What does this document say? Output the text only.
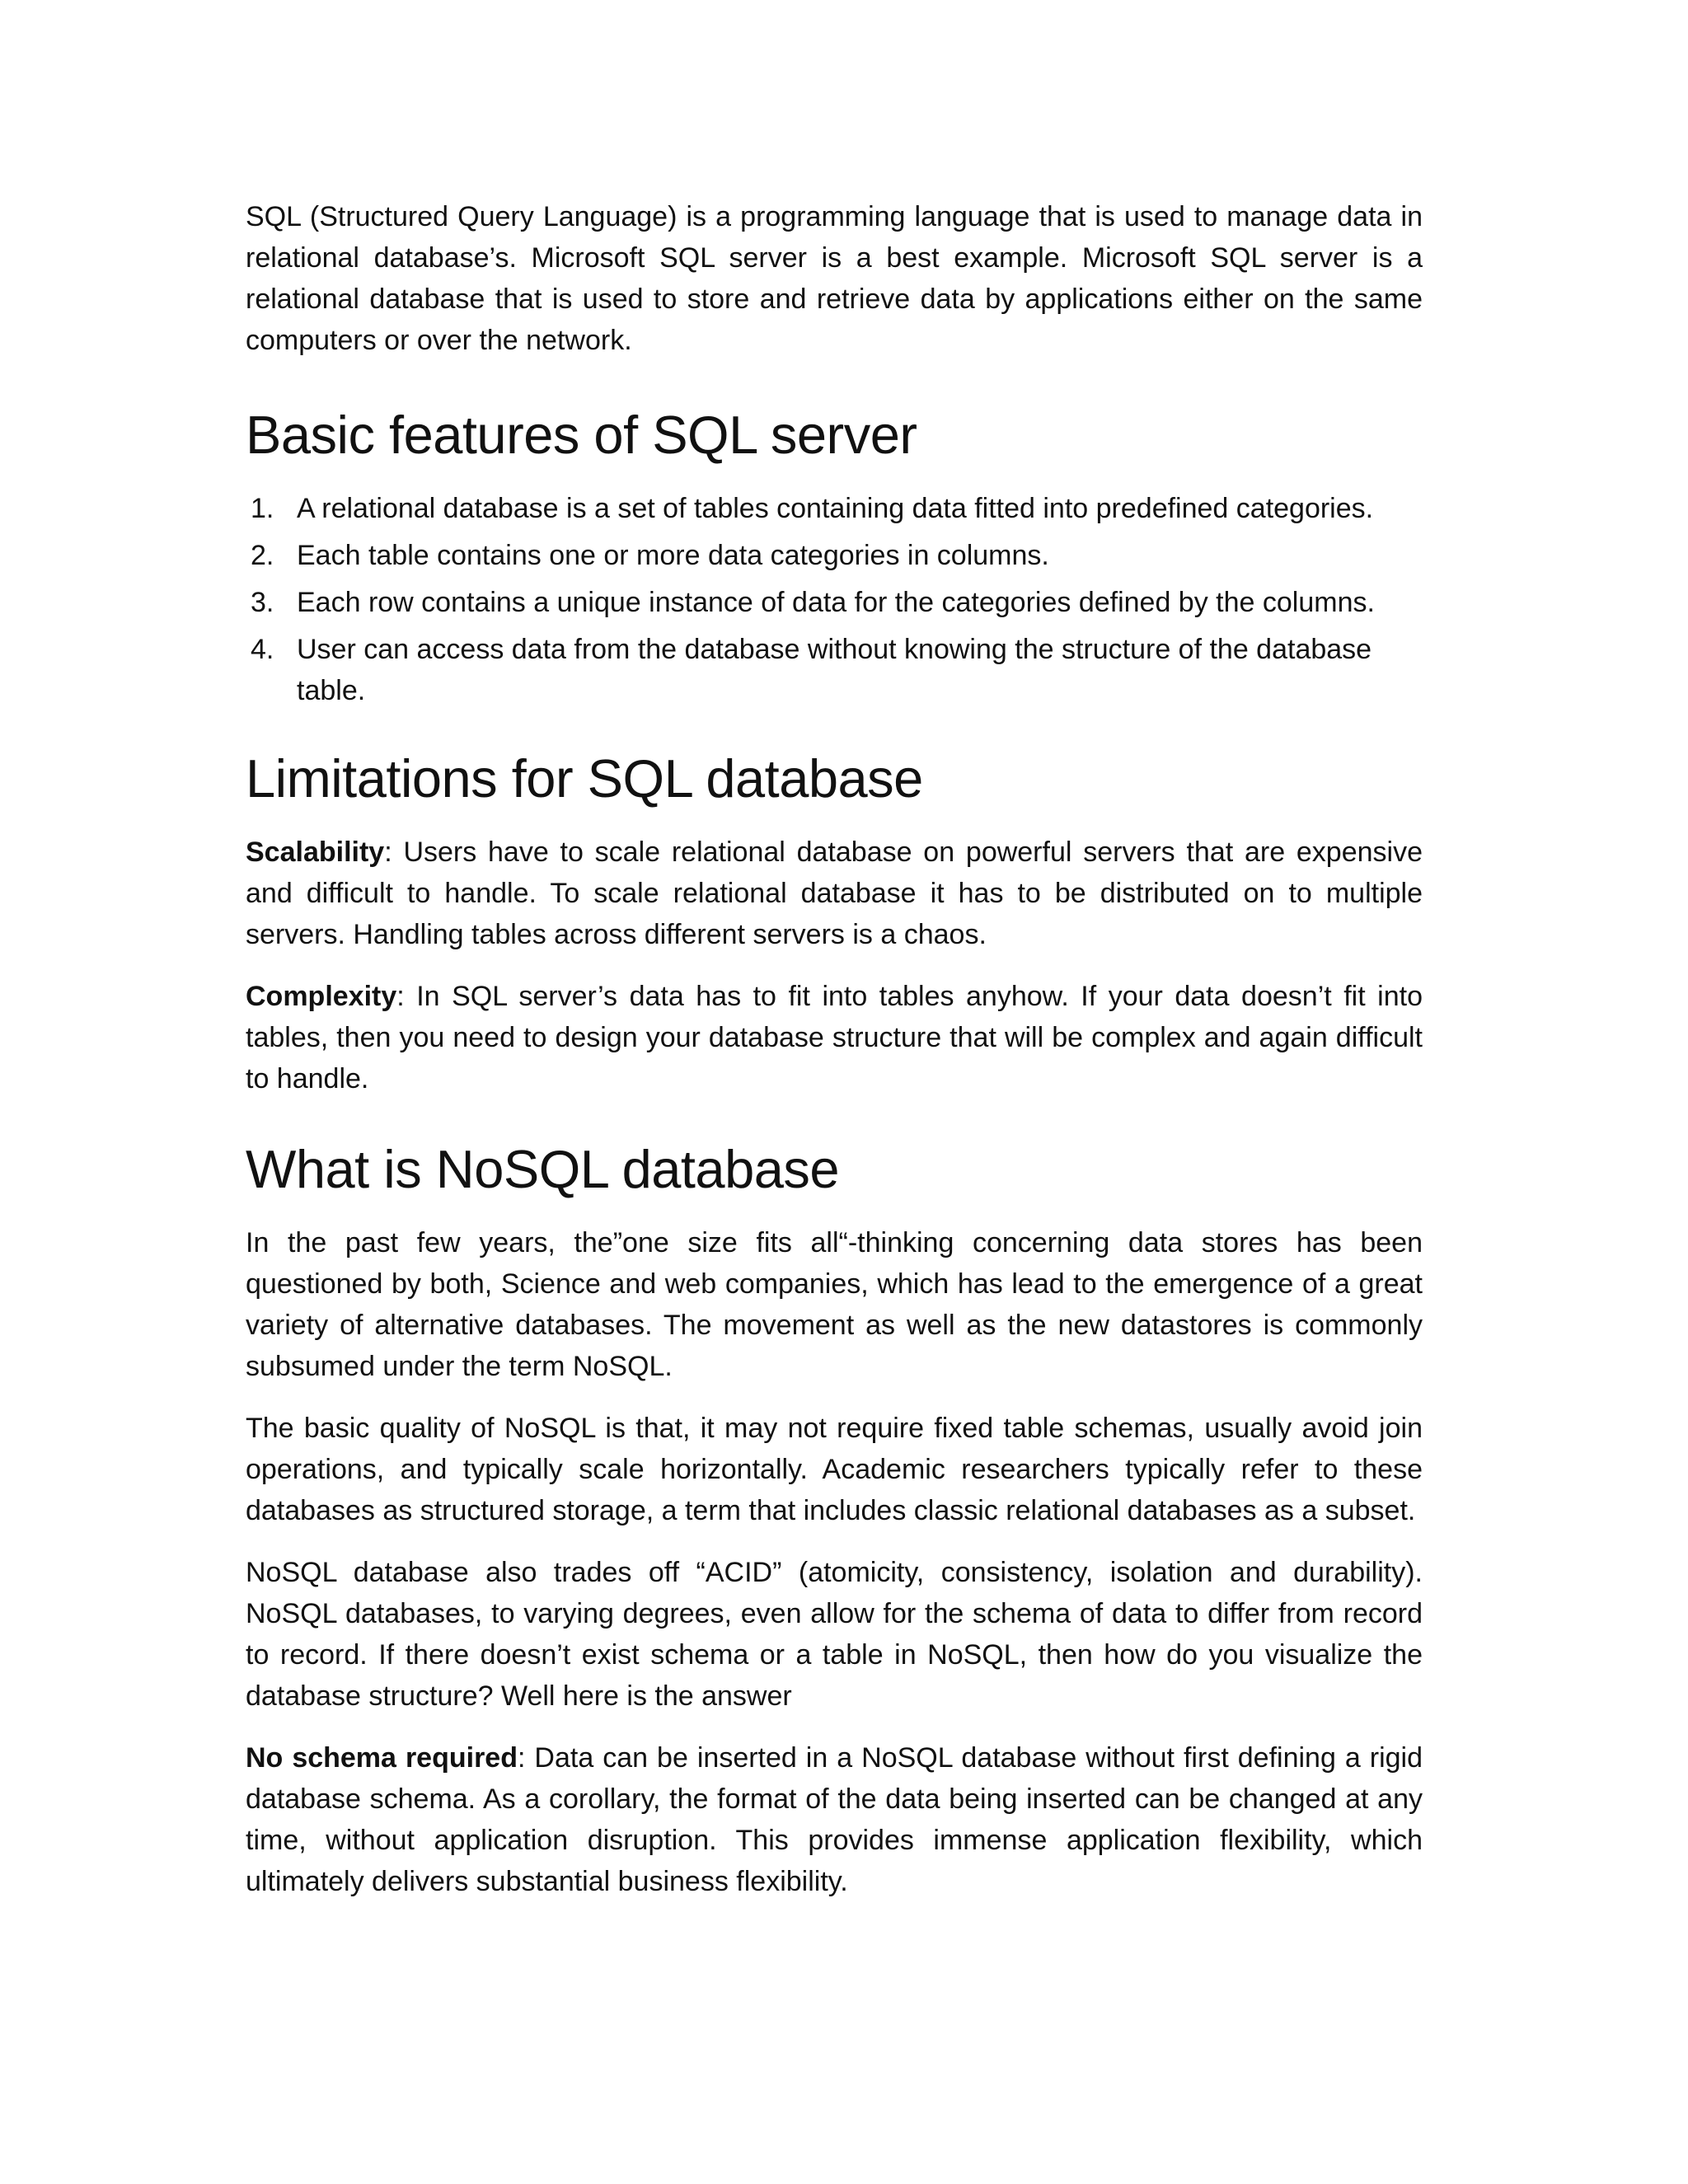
SQL (Structured Query Language) is a programming language that is used to manage data in relational database’s. Microsoft SQL server is a best example. Microsoft SQL server is a relational database that is used to store and retrieve data by applications either on the same computers or over the network.

Basic features of SQL server
1. A relational database is a set of tables containing data fitted into predefined categories.
2. Each table contains one or more data categories in columns.
3. Each row contains a unique instance of data for the categories defined by the columns.
4. User can access data from the database without knowing the structure of the database table.
Limitations for SQL database

Scalability: Users have to scale relational database on powerful servers that are expensive and difficult to handle. To scale relational database it has to be distributed on to multiple servers. Handling tables across different servers is a chaos.

Complexity: In SQL server’s data has to fit into tables anyhow. If your data doesn’t fit into tables, then you need to design your database structure that will be complex and again difficult to handle.

What is NoSQL database

In the past few years, the”one size fits all“-thinking concerning data stores has been questioned by both, Science and web companies, which has lead to the emergence of a great variety of alternative databases. The movement as well as the new datastores is commonly subsumed under the term NoSQL.

The basic quality of NoSQL is that, it may not require fixed table schemas, usually avoid join operations, and typically scale horizontally. Academic researchers typically refer to these databases as structured storage, a term that includes classic relational databases as a subset.

NoSQL database also trades off “ACID” (atomicity, consistency, isolation and durability). NoSQL databases, to varying degrees, even allow for the schema of data to differ from record to record. If there doesn’t exist schema or a table in NoSQL, then how do you visualize the database structure? Well here is the answer

No schema required: Data can be inserted in a NoSQL database without first defining a rigid database schema. As a corollary, the format of the data being inserted can be changed at any time, without application disruption. This provides immense application flexibility, which ultimately delivers substantial business flexibility.
